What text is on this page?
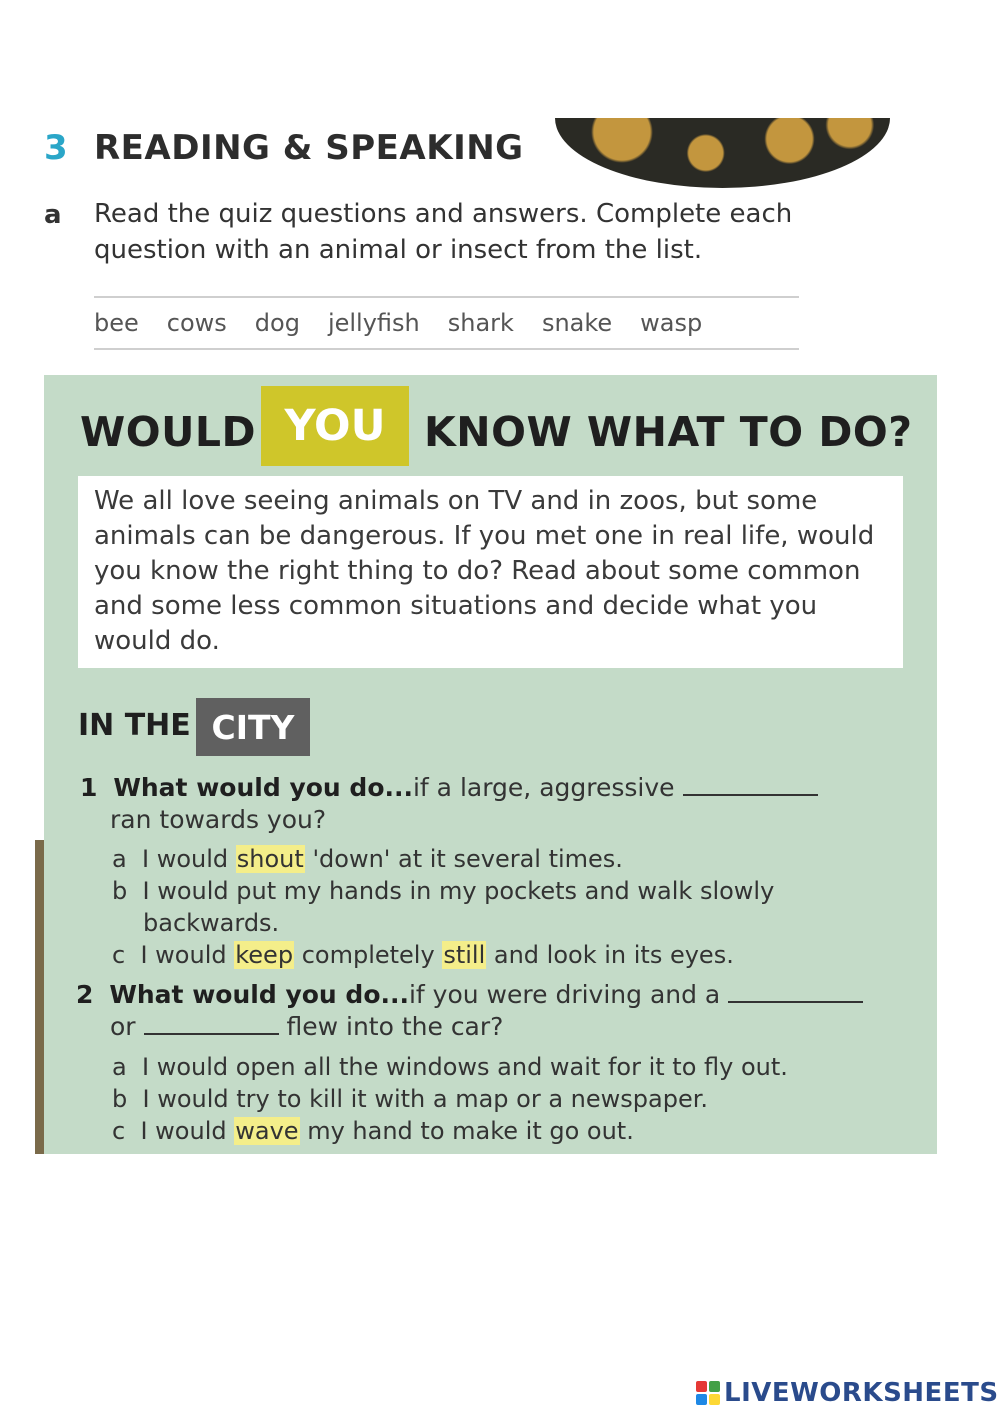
3 READING & SPEAKING
a Read the quiz questions and answers. Complete each question with an animal or insect from the list.
bee cows dog jellyfish shark snake wasp
WOULD YOU KNOW WHAT TO DO?
We all love seeing animals on TV and in zoos, but some animals can be dangerous. If you met one in real life, would you know the right thing to do? Read about some common and some less common situations and decide what you would do.
IN THE CITY
1 What would you do...if a large, aggressive
ran towards you?
a I would shout 'down' at it several times.
b I would put my hands in my pockets and walk slowly
backwards.
c I would keep completely still and look in its eyes.
2 What would you do...if you were driving and a
or	flew into the car?
a I would open all the windows and wait for it to fly out.
b I would try to kill it with a map or a newspaper.
c I would wave my hand to make it go out.
LIVEWORKSHEETS
